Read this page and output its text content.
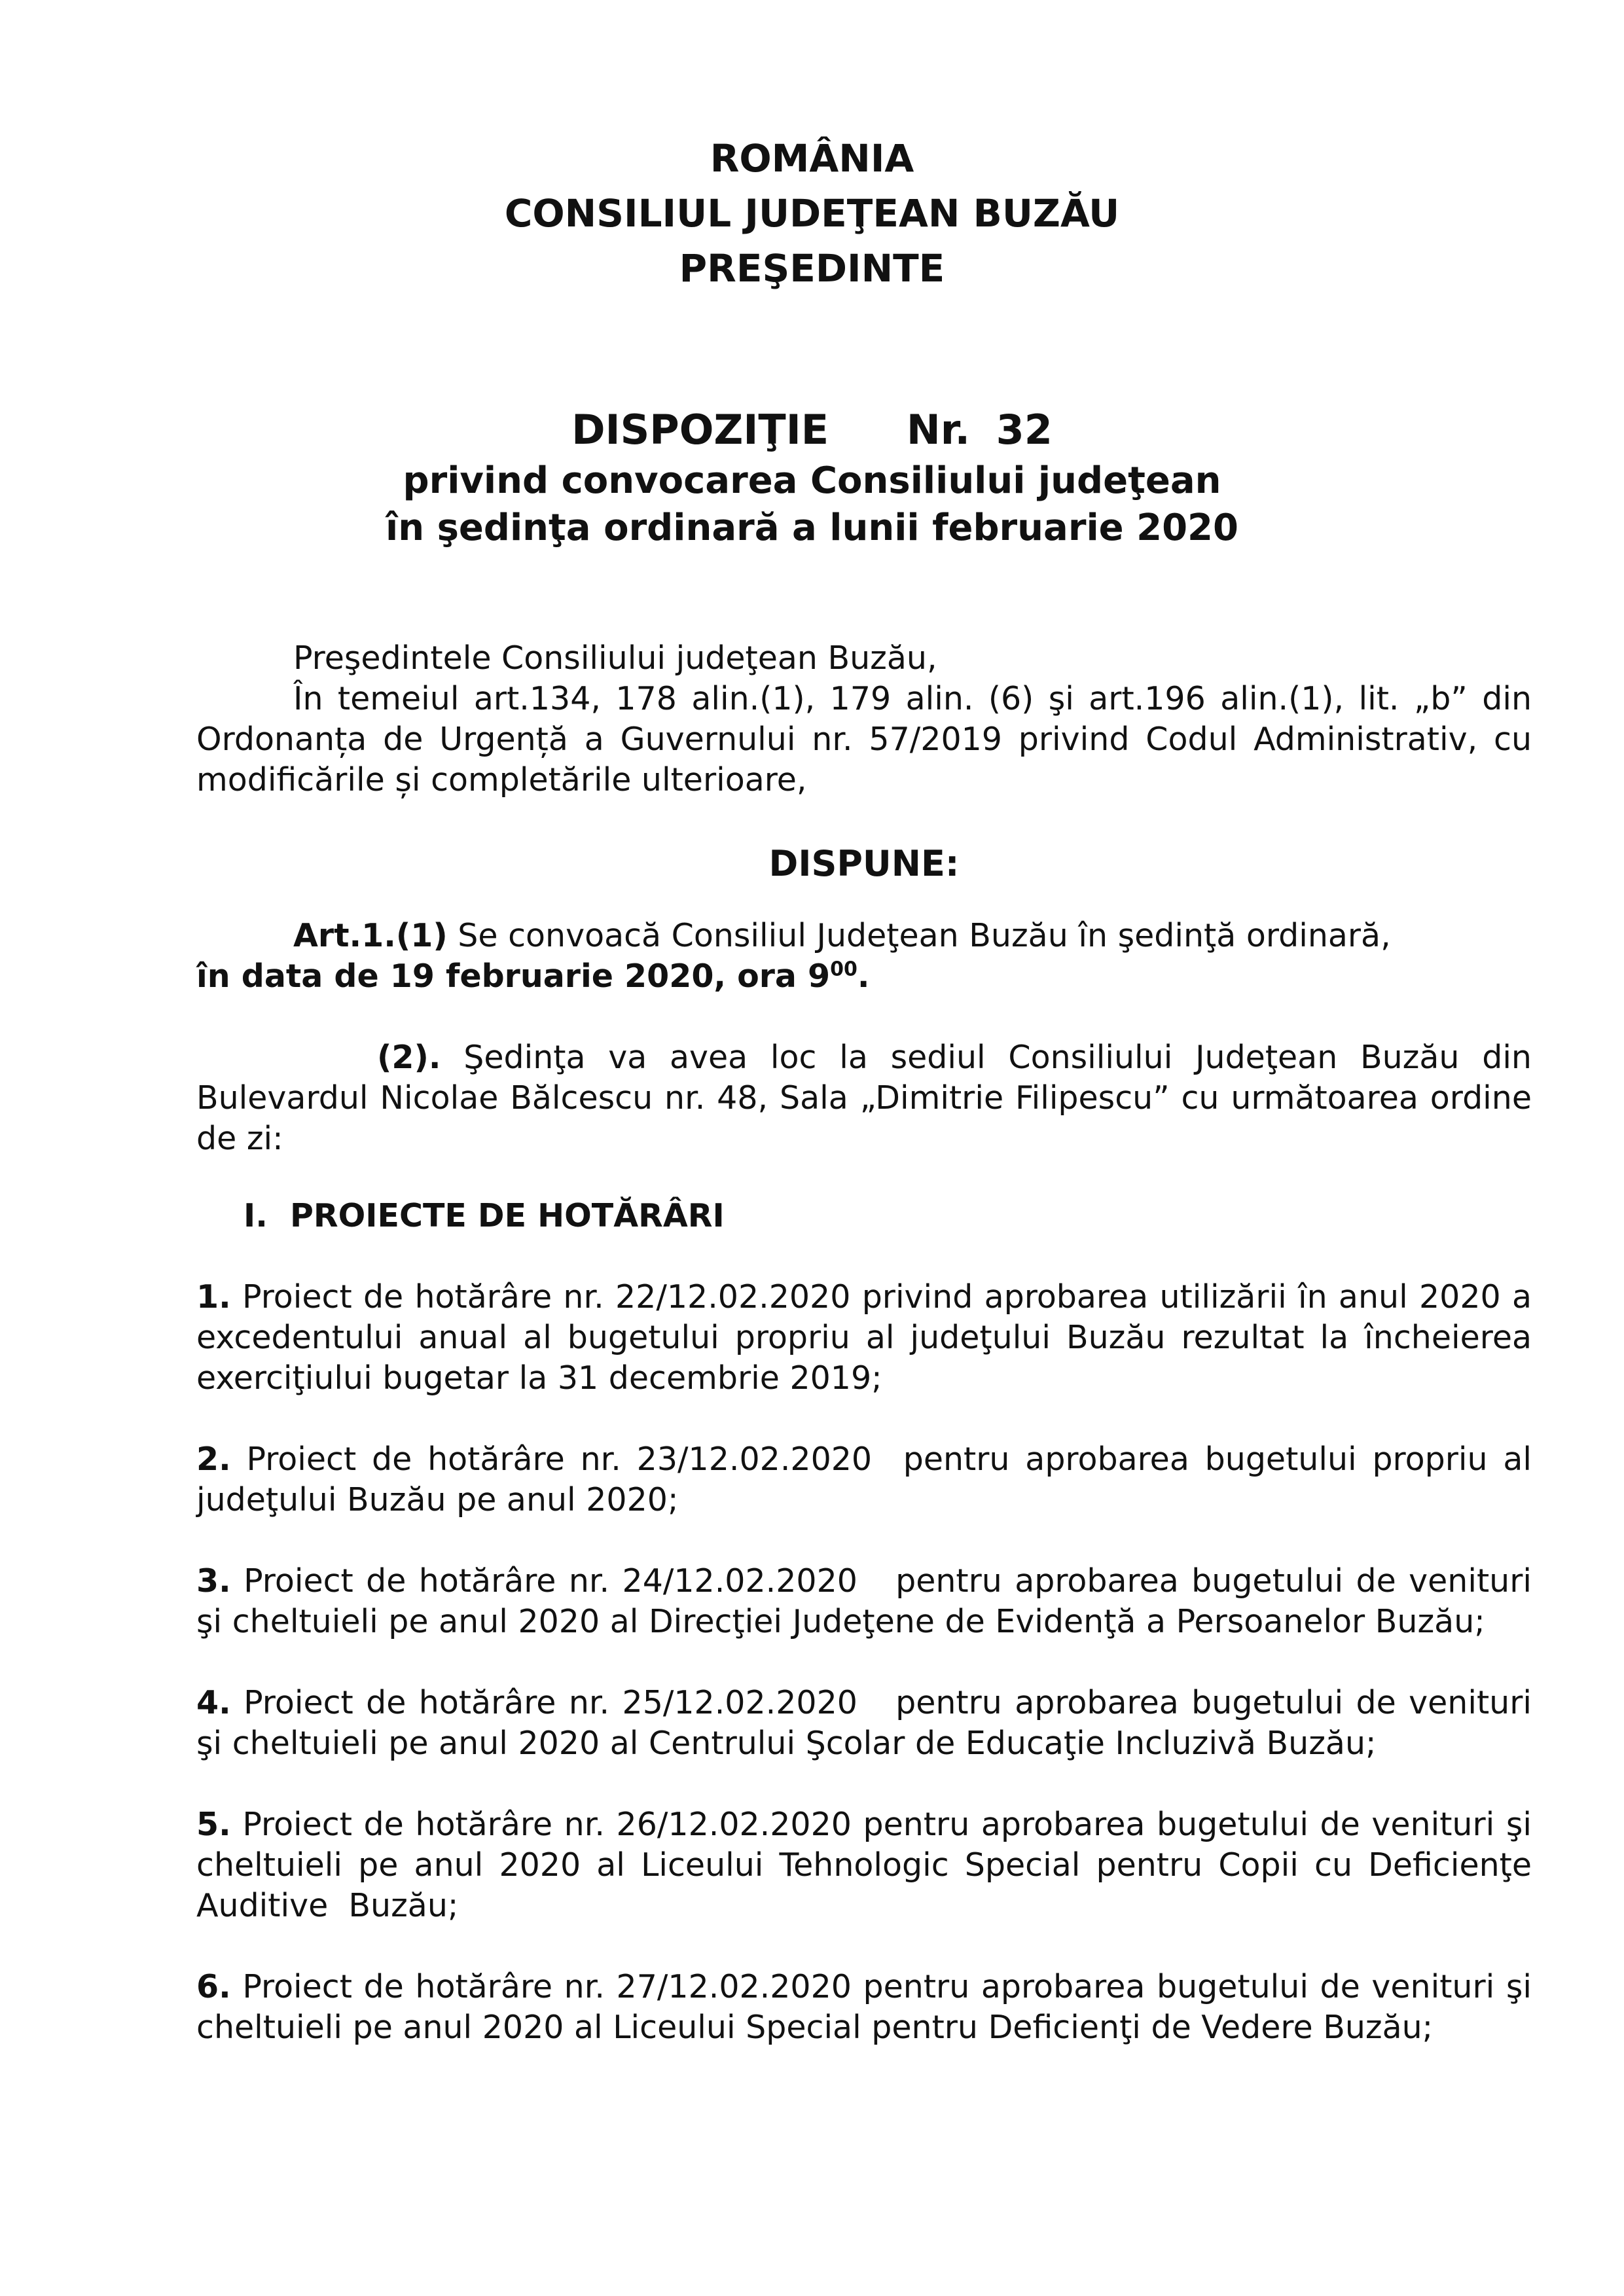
ROMÂNIA
CONSILIUL JUDEŢEAN BUZĂU
PREŞEDINTE
DISPOZIŢIE   Nr. 32
privind convocarea Consiliului judeţean
în şedinţa ordinară a lunii februarie 2020

Preşedintele Consiliului judeţean Buzău,

În temeiul art.134, 178 alin.(1), 179 alin. (6) şi art.196 alin.(1), lit. „b” din Ordonanța de Urgență a Guvernului nr. 57/2019 privind Codul Administrativ, cu modificările și completările ulterioare,

DISPUNE:

Art.1.(1) Se convoacă Consiliul Judeţean Buzău în şedinţă ordinară,
în data de 19 februarie 2020, ora $9^{00}$.

(2). Şedinţa va avea loc la sediul Consiliului Judeţean Buzău din Bulevardul Nicolae Bălcescu nr. 48, Sala „Dimitrie Filipescu” cu următoarea ordine de zi:

I. PROIECTE DE HOTĂRÂRI

1. Proiect de hotărâre nr. 22/12.02.2020 privind aprobarea utilizării în anul 2020 a excedentului anual al bugetului propriu al judeţului Buzău rezultat la încheierea exerciţiului bugetar la 31 decembrie 2019;

2. Proiect de hotărâre nr. 23/12.02.2020  pentru aprobarea bugetului propriu al judeţului Buzău pe anul 2020;

3. Proiect de hotărâre nr. 24/12.02.2020   pentru aprobarea bugetului de venituri şi cheltuieli pe anul 2020 al Direcţiei Judeţene de Evidenţă a Persoanelor Buzău;

4. Proiect de hotărâre nr. 25/12.02.2020   pentru aprobarea bugetului de venituri şi cheltuieli pe anul 2020 al Centrului Şcolar de Educaţie Incluzivă Buzău;

5. Proiect de hotărâre nr. 26/12.02.2020 pentru aprobarea bugetului de venituri şi cheltuieli pe anul 2020 al Liceului Tehnologic Special pentru Copii cu Deficienţe Auditive  Buzău;

6. Proiect de hotărâre nr. 27/12.02.2020 pentru aprobarea bugetului de venituri şi cheltuieli pe anul 2020 al Liceului Special pentru Deficienţi de Vedere Buzău;
